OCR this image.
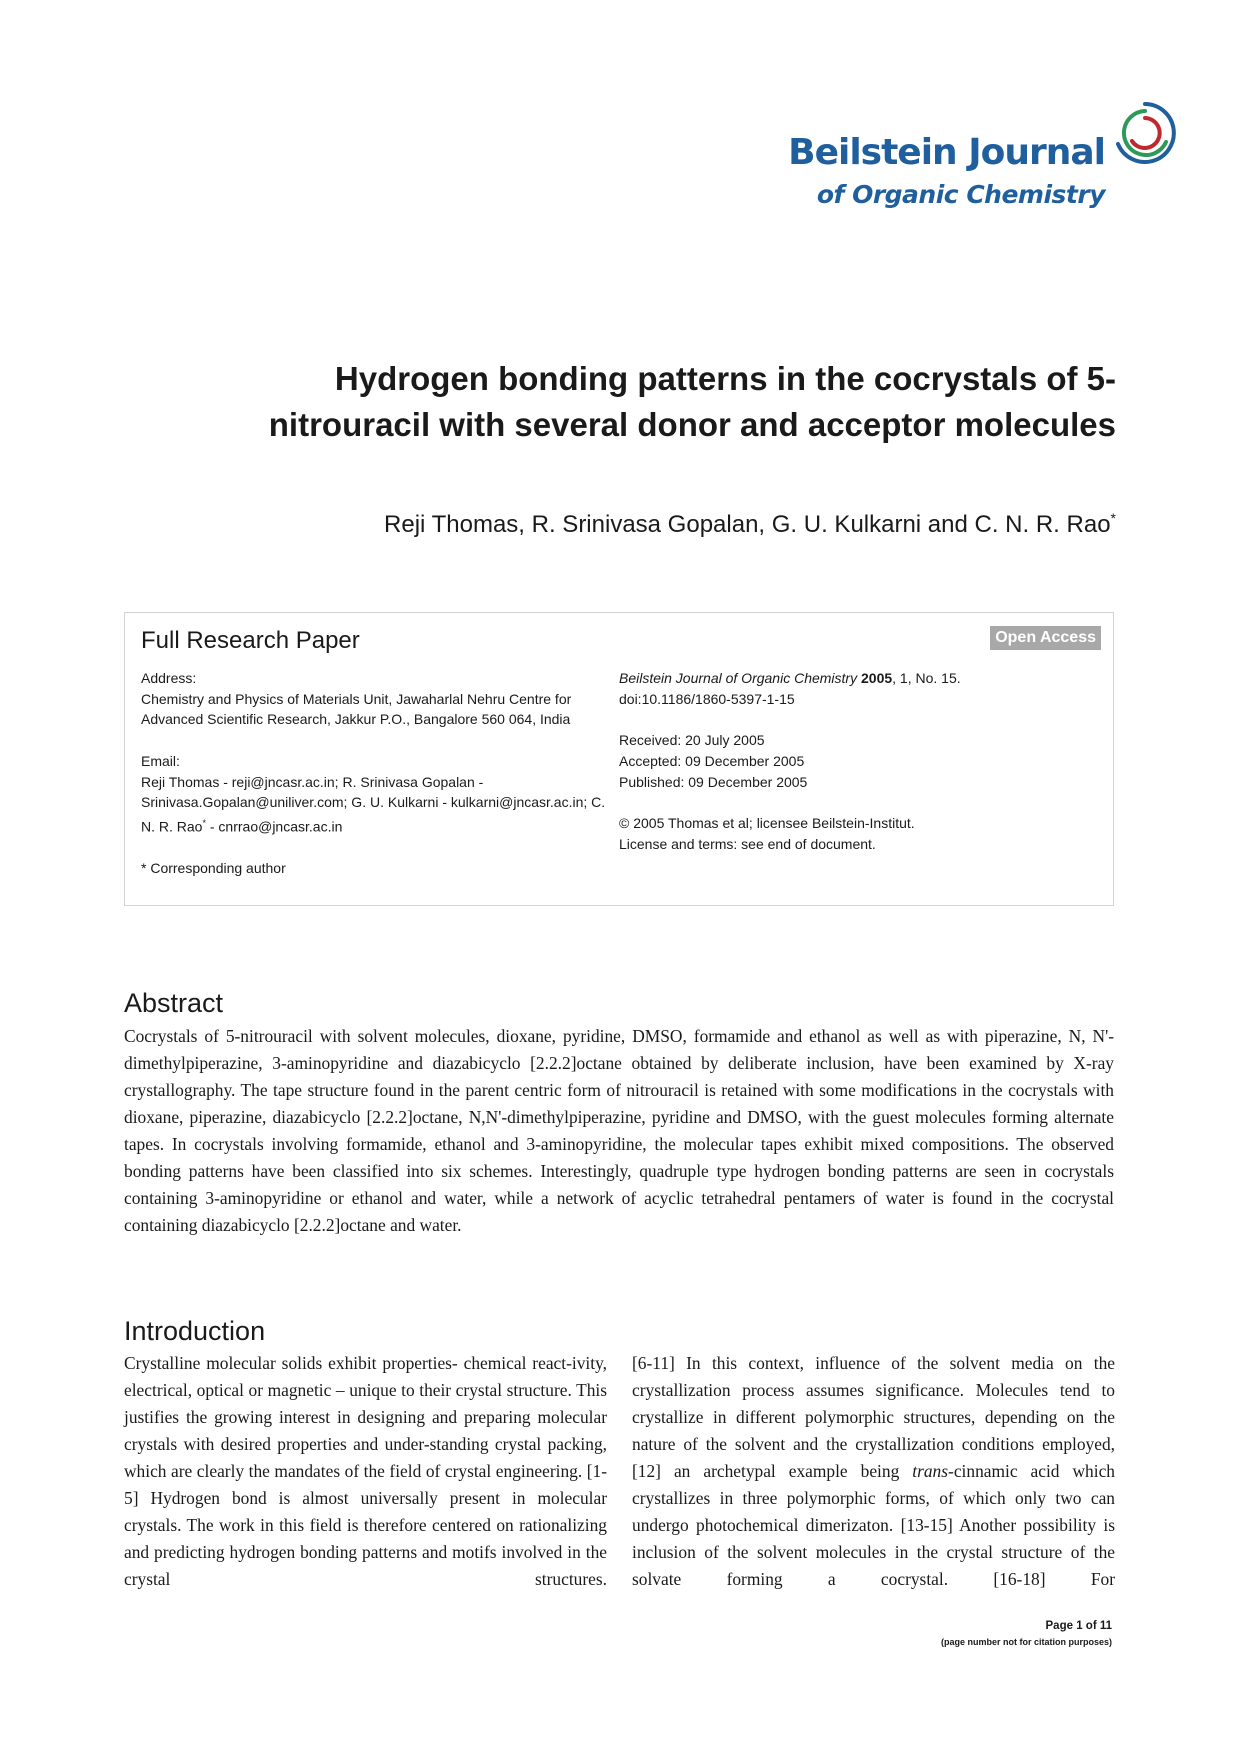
Beilstein Journal
of Organic Chemistry
Hydrogen bonding patterns in the cocrystals of 5-nitrouracil with several donor and acceptor molecules
Reji Thomas, R. Srinivasa Gopalan, G. U. Kulkarni and C. N. R. Rao*
Full Research Paper	Open Access

Address:

Chemistry and Physics of Materials Unit, Jawaharlal Nehru Centre for Advanced Scientific Research, Jakkur P.O., Bangalore 560 064, India

Email:

Reji Thomas - reji@jncasr.ac.in; R. Srinivasa Gopalan - Srinivasa.Gopalan@uniliver.com; G. U. Kulkarni - kulkarni@jncasr.ac.in; C. N. R. Rao* - cnrrao@jncasr.ac.in

* Corresponding author

Beilstein Journal of Organic Chemistry 2005, 1, No. 15.

doi:10.1186/1860-5397-1-15

Received: 20 July 2005

Accepted: 09 December 2005

Published: 09 December 2005

© 2005 Thomas et al; licensee Beilstein-Institut.

License and terms: see end of document.

Abstract
Cocrystals of 5-nitrouracil with solvent molecules, dioxane, pyridine, DMSO, formamide and ethanol as well as with piperazine, N, N'-dimethylpiperazine, 3-aminopyridine and diazabicyclo [2.2.2]octane obtained by deliberate inclusion, have been examined by X-ray crystallography. The tape structure found in the parent centric form of nitrouracil is retained with some modifications in the cocrystals with dioxane, piperazine, diazabicyclo [2.2.2]octane, N,N'-dimethylpiperazine, pyridine and DMSO, with the guest molecules forming alternate tapes. In cocrystals involving formamide, ethanol and 3-aminopyridine, the molecular tapes exhibit mixed compositions. The observed bonding patterns have been classified into six schemes. Interestingly, quadruple type hydrogen bonding patterns are seen in cocrystals containing 3-aminopyridine or ethanol and water, while a network of acyclic tetrahedral pentamers of water is found in the cocrystal containing diazabicyclo [2.2.2]octane and water.
Introduction
Crystalline molecular solids exhibit properties- chemical react-ivity, electrical, optical or magnetic – unique to their crystal structure. This justifies the growing interest in designing and preparing molecular crystals with desired properties and under-standing crystal packing, which are clearly the mandates of the field of crystal engineering. [1-5] Hydrogen bond is almost universally present in molecular crystals. The work in this field is therefore centered on rationalizing and predicting hydrogen bonding patterns and motifs involved in the crystal structures.
[6-11] In this context, influence of the solvent media on the crystallization process assumes significance. Molecules tend to crystallize in different polymorphic structures, depending on the nature of the solvent and the crystallization conditions employed,[12] an archetypal example being trans-cinnamic acid which crystallizes in three polymorphic forms, of which only two can undergo photochemical dimerizaton. [13-15] Another possibility is inclusion of the solvent molecules in the crystal structure of the solvate forming a cocrystal. [16-18] For
Page 1 of 11
(page number not for citation purposes)
